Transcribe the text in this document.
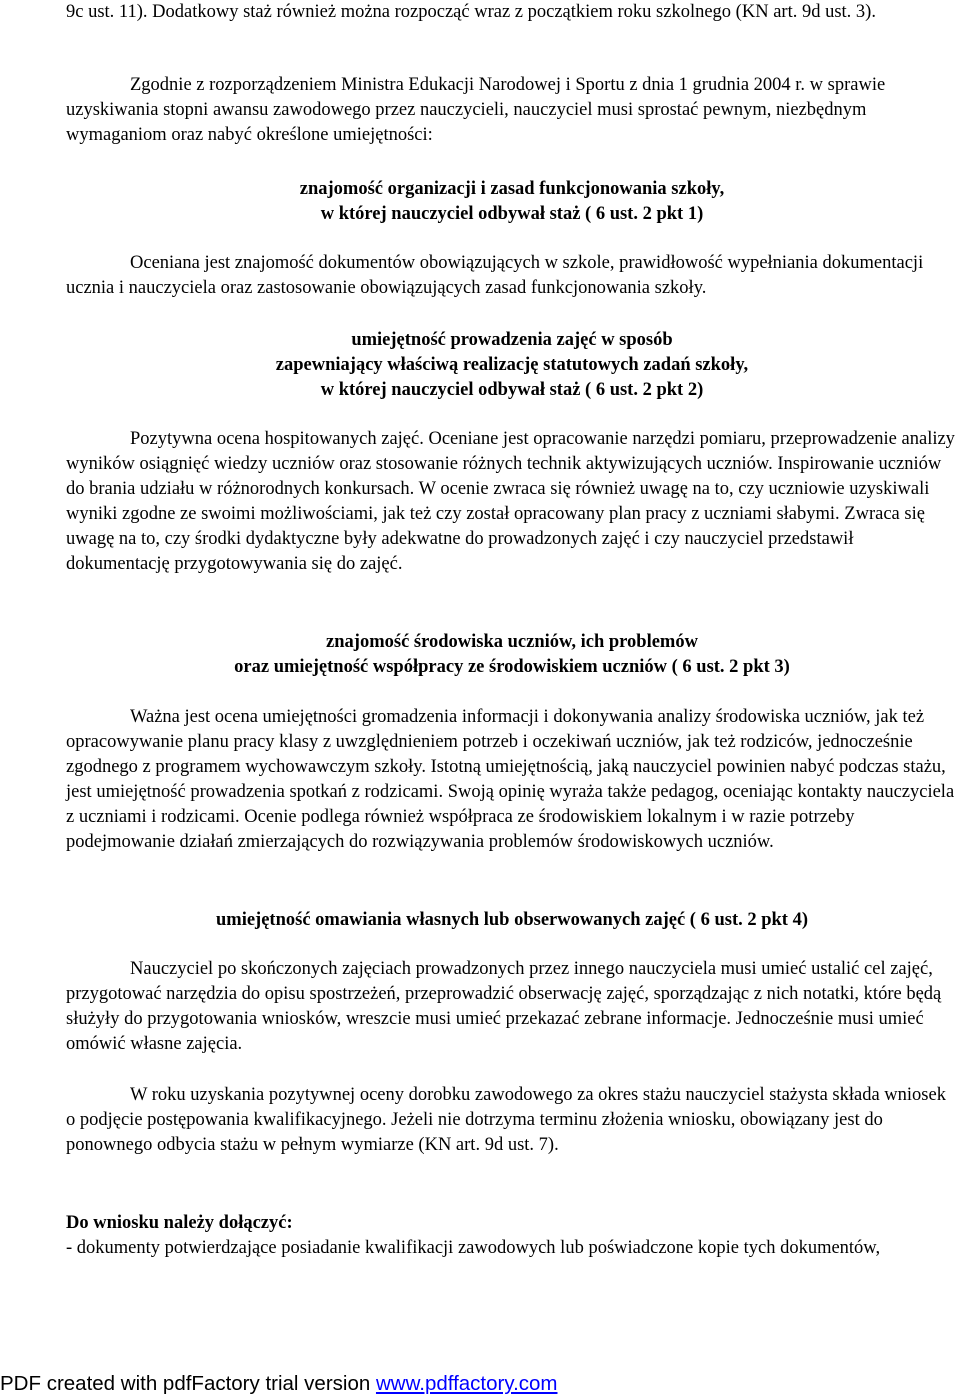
9c ust. 11). Dodatkowy staż również można rozpocząć wraz z początkiem roku szkolnego (KN art. 9d ust. 3).

Zgodnie z rozporządzeniem Ministra Edukacji Narodowej i Sportu z dnia 1 grudnia 2004 r. w sprawie uzyskiwania stopni awansu zawodowego przez nauczycieli, nauczyciel musi sprostać pewnym, niezbędnym wymaganiom oraz nabyć określone umiejętności:

znajomość organizacji i zasad funkcjonowania szkoły,

w której nauczyciel odbywał staż ( 6 ust. 2 pkt 1)

Oceniana jest znajomość dokumentów obowiązujących w szkole, prawidłowość wypełniania dokumentacji ucznia i nauczyciela oraz zastosowanie obowiązujących zasad funkcjonowania szkoły.

umiejętność prowadzenia zajęć w sposób

zapewniający właściwą realizację statutowych zadań szkoły,

w której nauczyciel odbywał staż ( 6 ust. 2 pkt 2)

Pozytywna ocena hospitowanych zajęć. Oceniane jest opracowanie narzędzi pomiaru, przeprowadzenie analizy wyników osiągnięć wiedzy uczniów oraz stosowanie różnych technik aktywizujących uczniów. Inspirowanie uczniów do brania udziału w różnorodnych konkursach. W ocenie zwraca się również uwagę na to, czy uczniowie uzyskiwali wyniki zgodne ze swoimi możliwościami, jak też czy został opracowany plan pracy z uczniami słabymi. Zwraca się uwagę na to, czy środki dydaktyczne były adekwatne do prowadzonych zajęć i czy nauczyciel przedstawił dokumentację przygotowywania się do zajęć.

znajomość środowiska uczniów, ich problemów

oraz umiejętność współpracy ze środowiskiem uczniów ( 6 ust. 2 pkt 3)

Ważna jest ocena umiejętności gromadzenia informacji i dokonywania analizy środowiska uczniów, jak też opracowywanie planu pracy klasy z uwzględnieniem potrzeb i oczekiwań uczniów, jak też rodziców, jednocześnie zgodnego z programem wychowawczym szkoły. Istotną umiejętnością, jaką nauczyciel powinien nabyć podczas stażu, jest umiejętność prowadzenia spotkań z rodzicami. Swoją opinię wyraża także pedagog, oceniając kontakty nauczyciela z uczniami i rodzicami. Ocenie podlega również współpraca ze środowiskiem lokalnym i w razie potrzeby podejmowanie działań zmierzających do rozwiązywania problemów środowiskowych uczniów.

umiejętność omawiania własnych lub obserwowanych zajęć ( 6 ust. 2 pkt 4)

Nauczyciel po skończonych zajęciach prowadzonych przez innego nauczyciela musi umieć ustalić cel zajęć, przygotować narzędzia do opisu spostrzeżeń, przeprowadzić obserwację zajęć, sporządzając z nich notatki, które będą służyły do przygotowania wniosków, wreszcie musi umieć przekazać zebrane informacje. Jednocześnie musi umieć omówić własne zajęcia.

W roku uzyskania pozytywnej oceny dorobku zawodowego za okres stażu nauczyciel stażysta składa wniosek o podjęcie postępowania kwalifikacyjnego. Jeżeli nie dotrzyma terminu złożenia wniosku, obowiązany jest do ponownego odbycia stażu w pełnym wymiarze (KN art. 9d ust. 7).

Do wniosku należy dołączyć:

- dokumenty potwierdzające posiadanie kwalifikacji zawodowych lub poświadczone kopie tych dokumentów,

PDF created with pdfFactory trial version www.pdffactory.com
